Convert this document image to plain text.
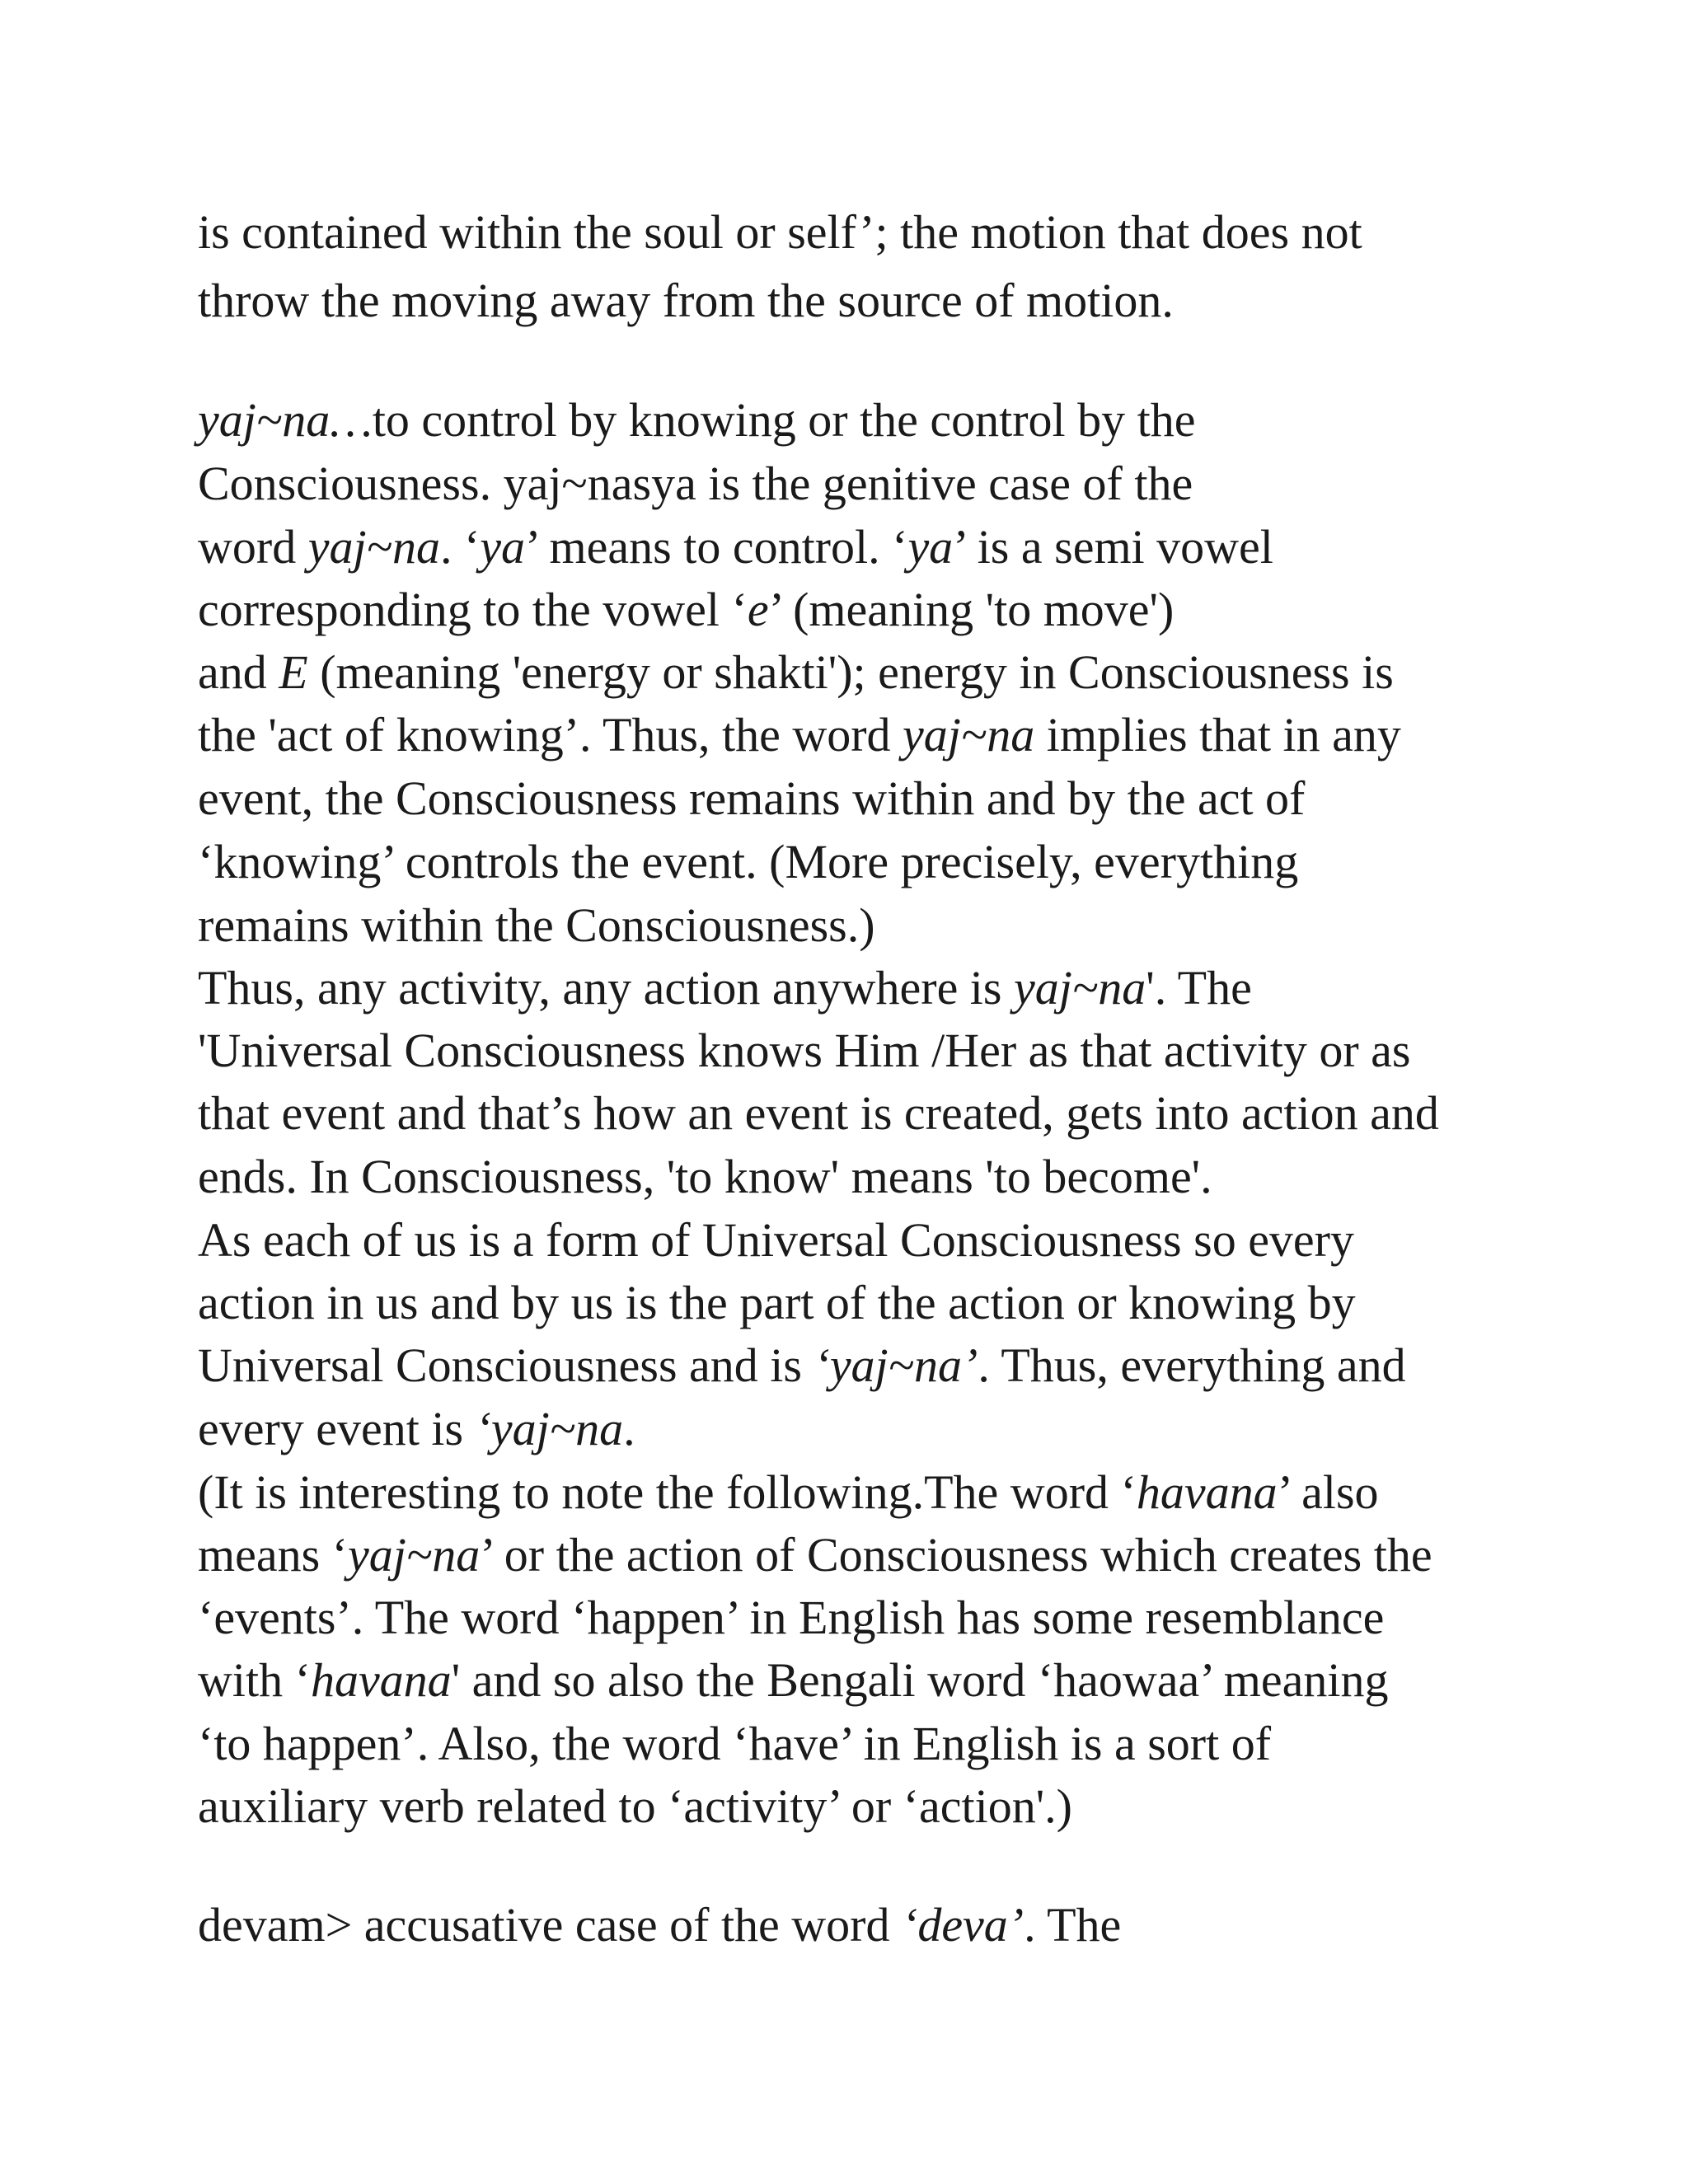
is contained within the soul or self’; the motion that does not
throw the moving away from the source of motion.
yaj~na…to control by knowing or the control by the
Consciousness. yaj~nasya is the genitive case of the
word yaj~na. ‘ya’ means to control. ‘ya’ is a semi vowel
corresponding to the vowel ‘e’ (meaning 'to move')
and E (meaning 'energy or shakti'); energy in Consciousness is
the 'act of knowing’. Thus, the word yaj~na implies that in any
event, the Consciousness remains within and by the act of
‘knowing’ controls the event. (More precisely, everything
remains within the Consciousness.)
Thus, any activity, any action anywhere is yaj~na'. The
'Universal Consciousness knows Him /Her as that activity or as
that event and that’s how an event is created, gets into action and
ends. In Consciousness, 'to know' means 'to become'.
As each of us is a form of Universal Consciousness so every
action in us and by us is the part of the action or knowing by
Universal Consciousness and is ‘yaj~na’. Thus, everything and
every event is ‘yaj~na.
(It is interesting to note the following.The word ‘havana’ also
means ‘yaj~na’ or the action of Consciousness which creates the
‘events’. The word ‘happen’ in English has some resemblance
with ‘havana' and so also the Bengali word ‘haowaa’ meaning
‘to happen’. Also, the word ‘have’ in English is a sort of
auxiliary verb related to ‘activity’ or ‘action'.)
devam> accusative case of the word ‘deva’. The
